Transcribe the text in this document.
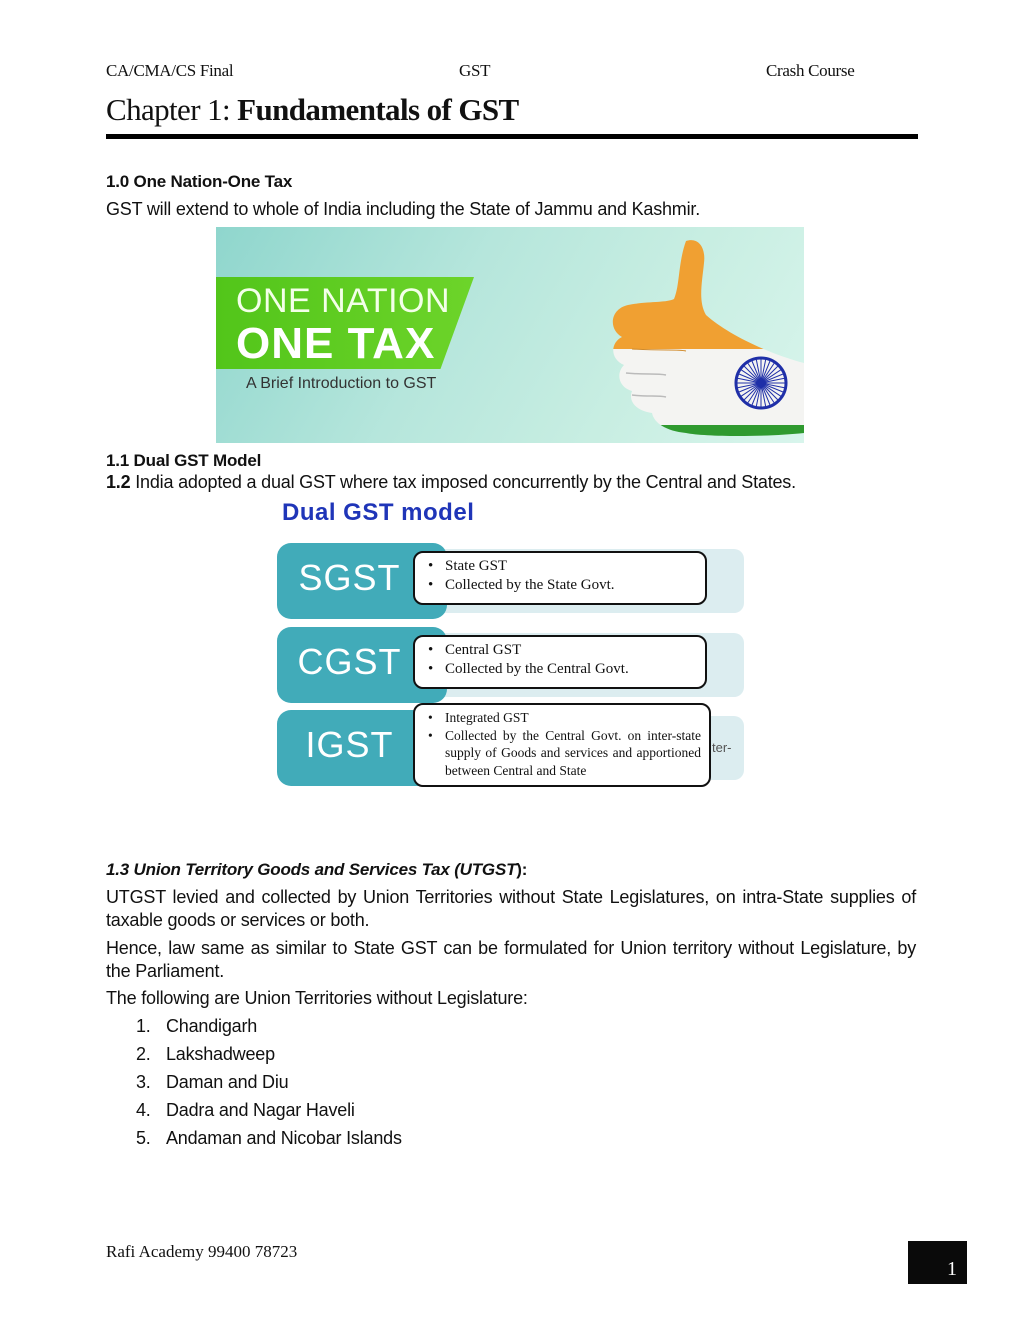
CA/CMA/CS Final	GST	Crash Course
Chapter 1: Fundamentals of GST
1.0 One Nation-One Tax
GST will extend to whole of India including the State of Jammu and Kashmir.
ONE NATION
ONE TAX
A Brief Introduction to GST
1.1 Dual GST Model
1.2 India adopted a dual GST where tax imposed concurrently by the Central and States.
Dual GST model
SGST	• State GST
• Collected by the State Govt.
CGST	• Central GST
• Collected by the Central Govt.
IGST	ter-
• Integrated GST
• Collected by the Central Govt. on inter-state supply of Goods and services and apportioned between Central and State
1.3 Union Territory Goods and Services Tax (UTGST):
UTGST levied and collected by Union Territories without State Legislatures, on intra-State supplies of taxable goods or services or both.
Hence, law same as similar to State GST can be formulated for Union territory without Legislature, by the Parliament.
The following are Union Territories without Legislature:
1. Chandigarh
2. Lakshadweep
3. Daman and Diu
4. Dadra and Nagar Haveli
5. Andaman and Nicobar Islands
Rafi Academy 99400 78723
1
